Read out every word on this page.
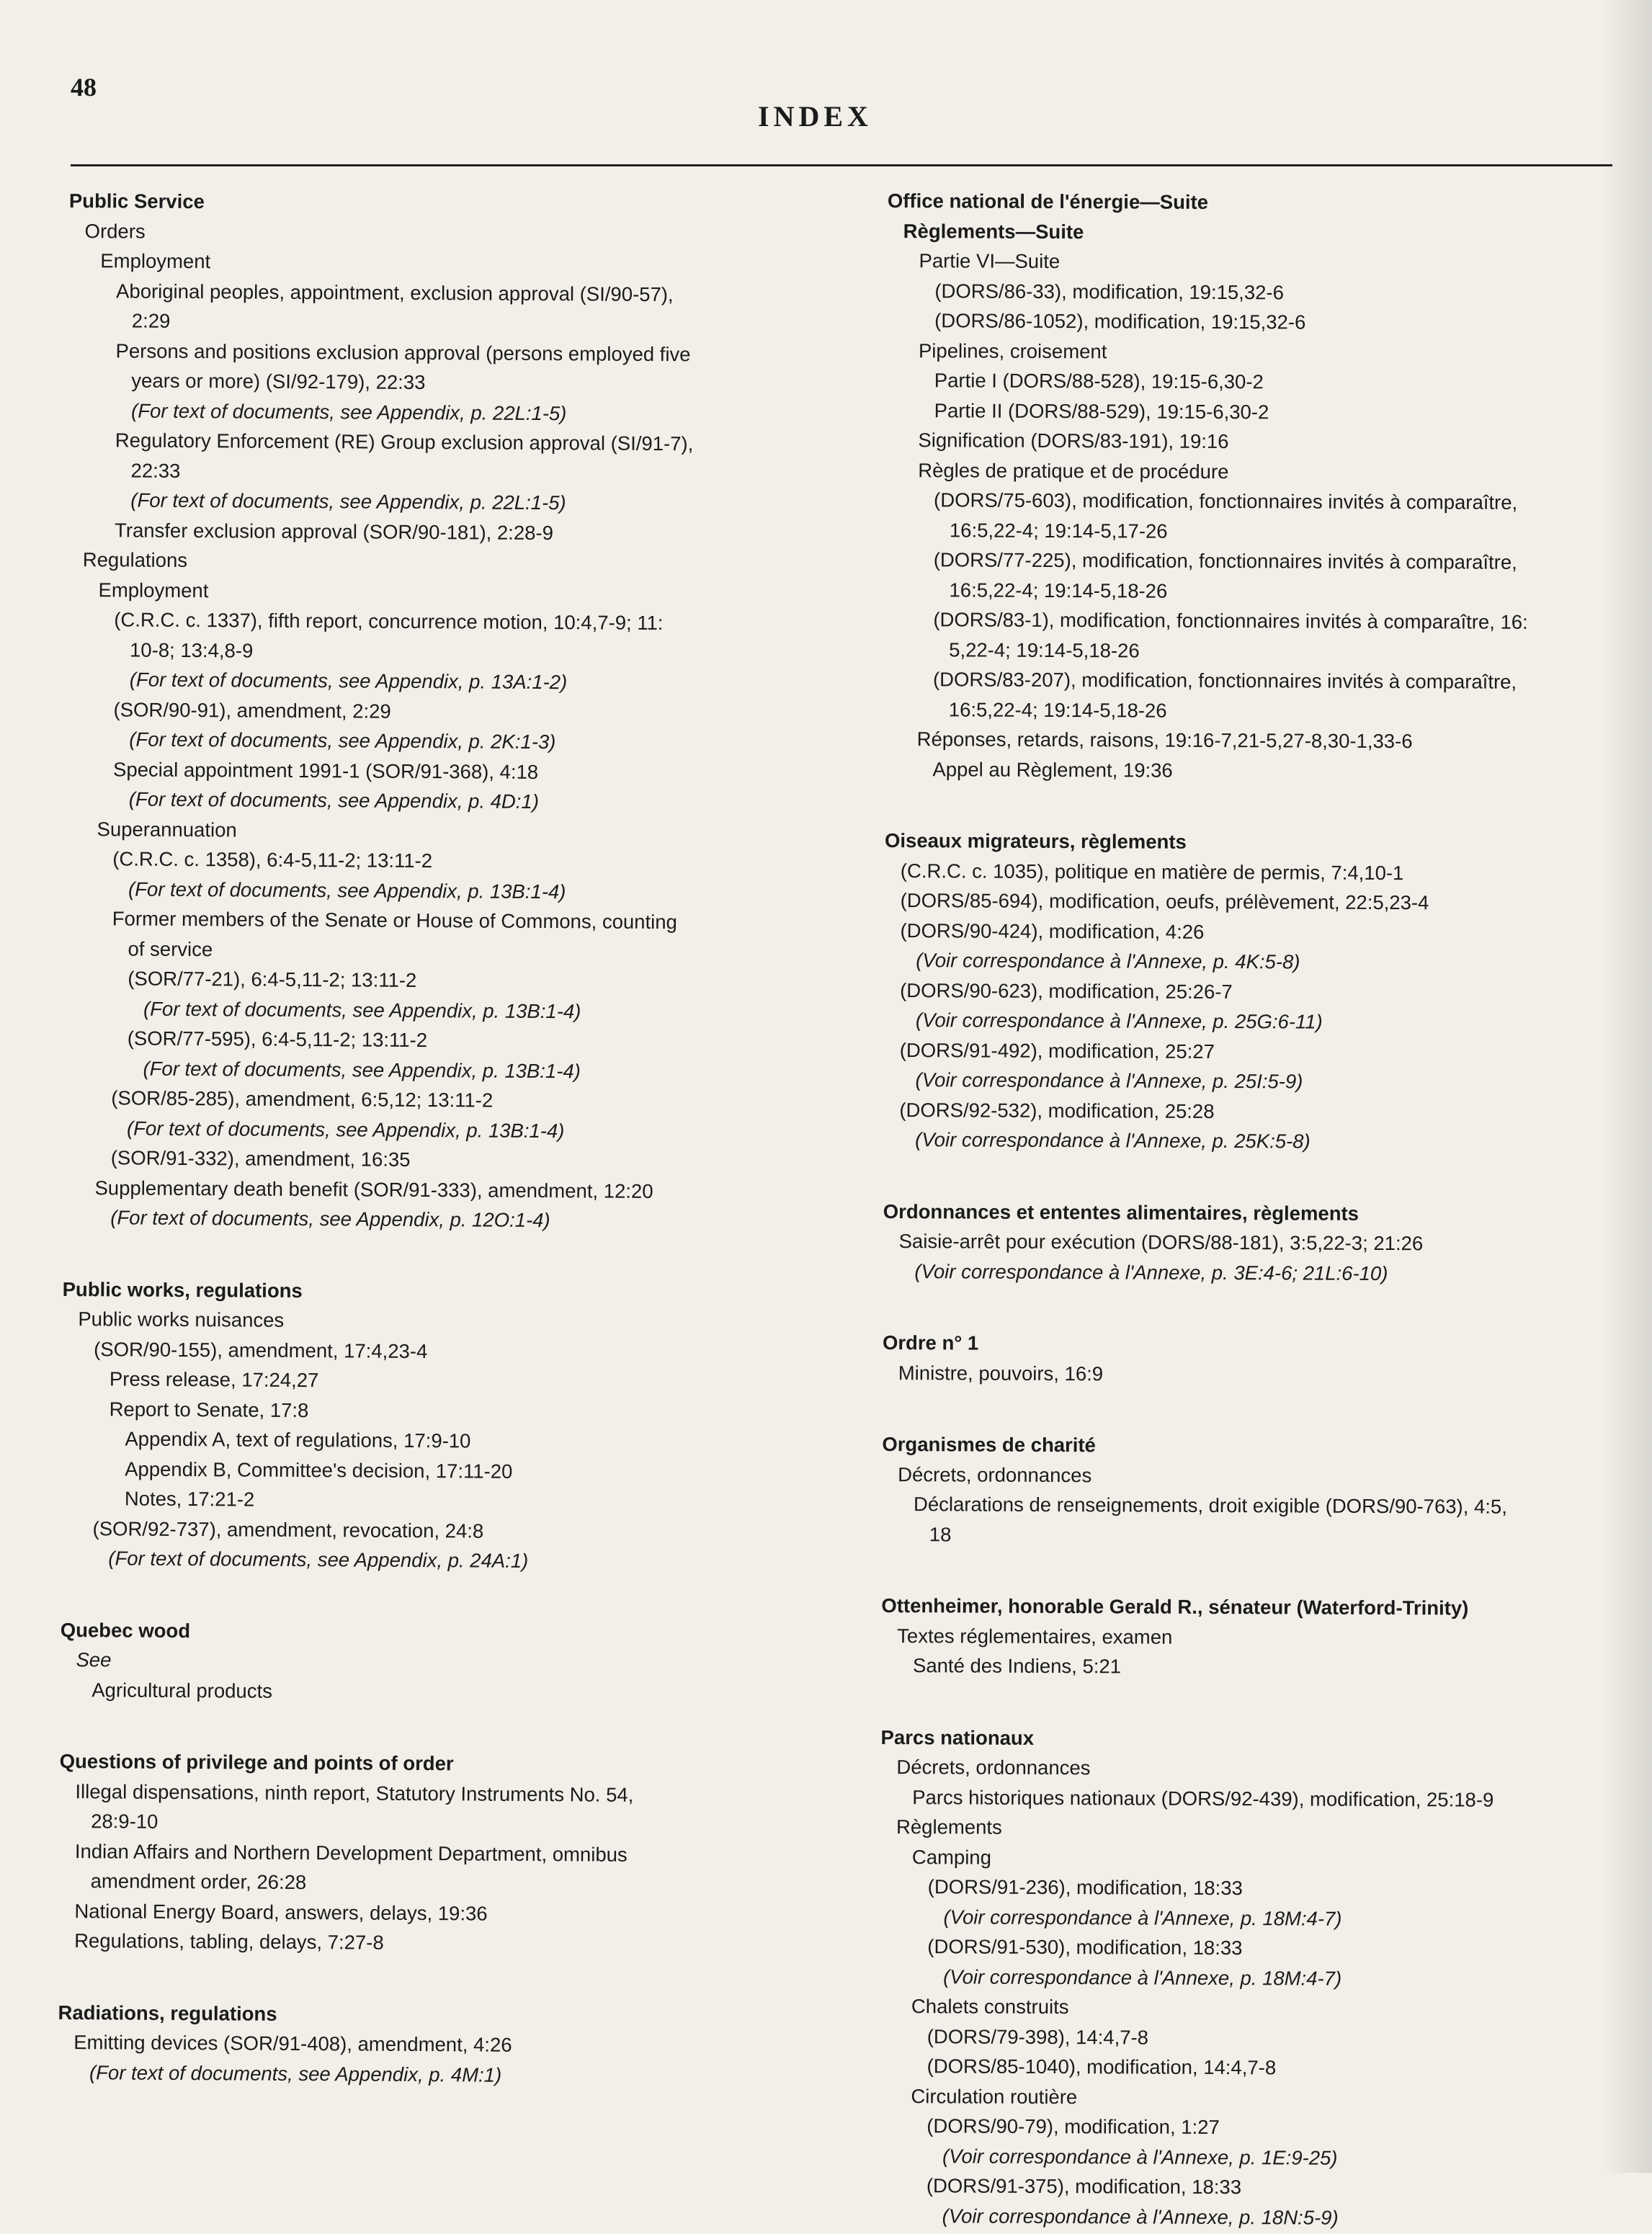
48
INDEX
Public Service
Orders
Employment
Aboriginal peoples, appointment, exclusion approval (SI/90-57),
2:29
Persons and positions exclusion approval (persons employed five
years or more) (SI/92-179), 22:33
(For text of documents, see Appendix, p. 22L:1-5)
Regulatory Enforcement (RE) Group exclusion approval (SI/91-7),
22:33
(For text of documents, see Appendix, p. 22L:1-5)
Transfer exclusion approval (SOR/90-181), 2:28-9
Regulations
Employment
(C.R.C. c. 1337), fifth report, concurrence motion, 10:4,7-9; 11:
10-8; 13:4,8-9
(For text of documents, see Appendix, p. 13A:1-2)
(SOR/90-91), amendment, 2:29
(For text of documents, see Appendix, p. 2K:1-3)
Special appointment 1991-1 (SOR/91-368), 4:18
(For text of documents, see Appendix, p. 4D:1)
Superannuation
(C.R.C. c. 1358), 6:4-5,11-2; 13:11-2
(For text of documents, see Appendix, p. 13B:1-4)
Former members of the Senate or House of Commons, counting
of service
(SOR/77-21), 6:4-5,11-2; 13:11-2
(For text of documents, see Appendix, p. 13B:1-4)
(SOR/77-595), 6:4-5,11-2; 13:11-2
(For text of documents, see Appendix, p. 13B:1-4)
(SOR/85-285), amendment, 6:5,12; 13:11-2
(For text of documents, see Appendix, p. 13B:1-4)
(SOR/91-332), amendment, 16:35
Supplementary death benefit (SOR/91-333), amendment, 12:20
(For text of documents, see Appendix, p. 12O:1-4)
Public works, regulations
Public works nuisances
(SOR/90-155), amendment, 17:4,23-4
Press release, 17:24,27
Report to Senate, 17:8
Appendix A, text of regulations, 17:9-10
Appendix B, Committee's decision, 17:11-20
Notes, 17:21-2
(SOR/92-737), amendment, revocation, 24:8
(For text of documents, see Appendix, p. 24A:1)
Quebec wood
See
Agricultural products
Questions of privilege and points of order
Illegal dispensations, ninth report, Statutory Instruments No. 54,
28:9-10
Indian Affairs and Northern Development Department, omnibus
amendment order, 26:28
National Energy Board, answers, delays, 19:36
Regulations, tabling, delays, 7:27-8
Radiations, regulations
Emitting devices (SOR/91-408), amendment, 4:26
(For text of documents, see Appendix, p. 4M:1)
Office national de l'énergie—Suite
Règlements—Suite
Partie VI—Suite
(DORS/86-33), modification, 19:15,32-6
(DORS/86-1052), modification, 19:15,32-6
Pipelines, croisement
Partie I (DORS/88-528), 19:15-6,30-2
Partie II (DORS/88-529), 19:15-6,30-2
Signification (DORS/83-191), 19:16
Règles de pratique et de procédure
(DORS/75-603), modification, fonctionnaires invités à comparaître,
16:5,22-4; 19:14-5,17-26
(DORS/77-225), modification, fonctionnaires invités à comparaître,
16:5,22-4; 19:14-5,18-26
(DORS/83-1), modification, fonctionnaires invités à comparaître, 16:
5,22-4; 19:14-5,18-26
(DORS/83-207), modification, fonctionnaires invités à comparaître,
16:5,22-4; 19:14-5,18-26
Réponses, retards, raisons, 19:16-7,21-5,27-8,30-1,33-6
Appel au Règlement, 19:36
Oiseaux migrateurs, règlements
(C.R.C. c. 1035), politique en matière de permis, 7:4,10-1
(DORS/85-694), modification, oeufs, prélèvement, 22:5,23-4
(DORS/90-424), modification, 4:26
(Voir correspondance à l'Annexe, p. 4K:5-8)
(DORS/90-623), modification, 25:26-7
(Voir correspondance à l'Annexe, p. 25G:6-11)
(DORS/91-492), modification, 25:27
(Voir correspondance à l'Annexe, p. 25I:5-9)
(DORS/92-532), modification, 25:28
(Voir correspondance à l'Annexe, p. 25K:5-8)
Ordonnances et ententes alimentaires, règlements
Saisie-arrêt pour exécution (DORS/88-181), 3:5,22-3; 21:26
(Voir correspondance à l'Annexe, p. 3E:4-6; 21L:6-10)
Ordre n° 1
Ministre, pouvoirs, 16:9
Organismes de charité
Décrets, ordonnances
Déclarations de renseignements, droit exigible (DORS/90-763), 4:5,
18
Ottenheimer, honorable Gerald R., sénateur (Waterford-Trinity)
Textes réglementaires, examen
Santé des Indiens, 5:21
Parcs nationaux
Décrets, ordonnances
Parcs historiques nationaux (DORS/92-439), modification, 25:18-9
Règlements
Camping
(DORS/91-236), modification, 18:33
(Voir correspondance à l'Annexe, p. 18M:4-7)
(DORS/91-530), modification, 18:33
(Voir correspondance à l'Annexe, p. 18M:4-7)
Chalets construits
(DORS/79-398), 14:4,7-8
(DORS/85-1040), modification, 14:4,7-8
Circulation routière
(DORS/90-79), modification, 1:27
(Voir correspondance à l'Annexe, p. 1E:9-25)
(DORS/91-375), modification, 18:33
(Voir correspondance à l'Annexe, p. 18N:5-9)
